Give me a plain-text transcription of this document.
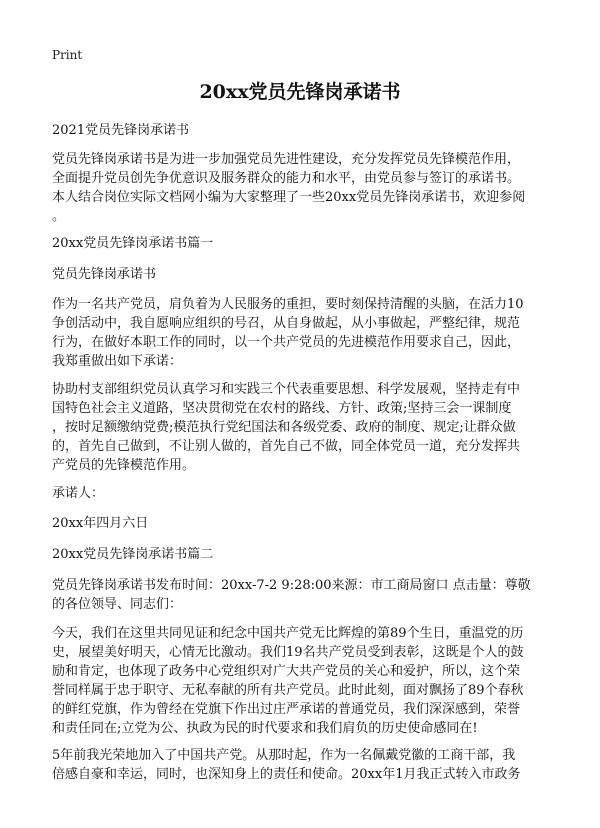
Print
20xx党员先锋岗承诺书

2021党员先锋岗承诺书

党员先锋岗承诺书是为进一步加强党员先进性建设，充分发挥党员先锋模范作用，
全面提升党员创先争优意识及服务群众的能力和水平，由党员参与签订的承诺书。
本人结合岗位实际文档网小编为大家整理了一些20xx党员先锋岗承诺书，欢迎参阅
。

20xx党员先锋岗承诺书篇一

党员先锋岗承诺书

作为一名共产党员，肩负着为人民服务的重担，要时刻保持清醒的头脑，在活力10
争创活动中，我自愿响应组织的号召，从自身做起，从小事做起，严整纪律，规范
行为，在做好本职工作的同时，以一个共产党员的先进模范作用要求自己，因此，
我郑重做出如下承诺：

协助村支部组织党员认真学习和实践三个代表重要思想、科学发展观，坚持走有中
国特色社会主义道路，坚决贯彻党在农村的路线、方针、政策;坚持三会一课制度
，按时足额缴纳党费;模范执行党纪国法和各级党委、政府的制度、规定;让群众做
的，首先自己做到，不让别人做的，首先自己不做，同全体党员一道，充分发挥共
产党员的先锋模范作用。

承诺人：

20xx年四月六日

20xx党员先锋岗承诺书篇二

党员先锋岗承诺书发布时间：20xx-7-2 9:28:00来源：市工商局窗口 点击量：尊敬
的各位领导、同志们：

今天，我们在这里共同见证和纪念中国共产党无比辉煌的第89个生日，重温党的历
史，展望美好明天，心情无比激动。我们19名共产党员受到表彰，这既是个人的鼓
励和肯定，也体现了政务中心党组织对广大共产党员的关心和爱护，所以，这个荣
誉同样属于忠于职守、无私奉献的所有共产党员。此时此刻，面对飘扬了89个春秋
的鲜红党旗，作为曾经在党旗下作出过庄严承诺的普通党员，我们深深感到，荣誉
和责任同在;立党为公、执政为民的时代要求和我们肩负的历史使命感同在!

5年前我光荣地加入了中国共产党。从那时起，作为一名佩戴党徽的工商干部，我
倍感自豪和幸运，同时，也深知身上的责任和使命。20xx年1月我正式转入市政务
